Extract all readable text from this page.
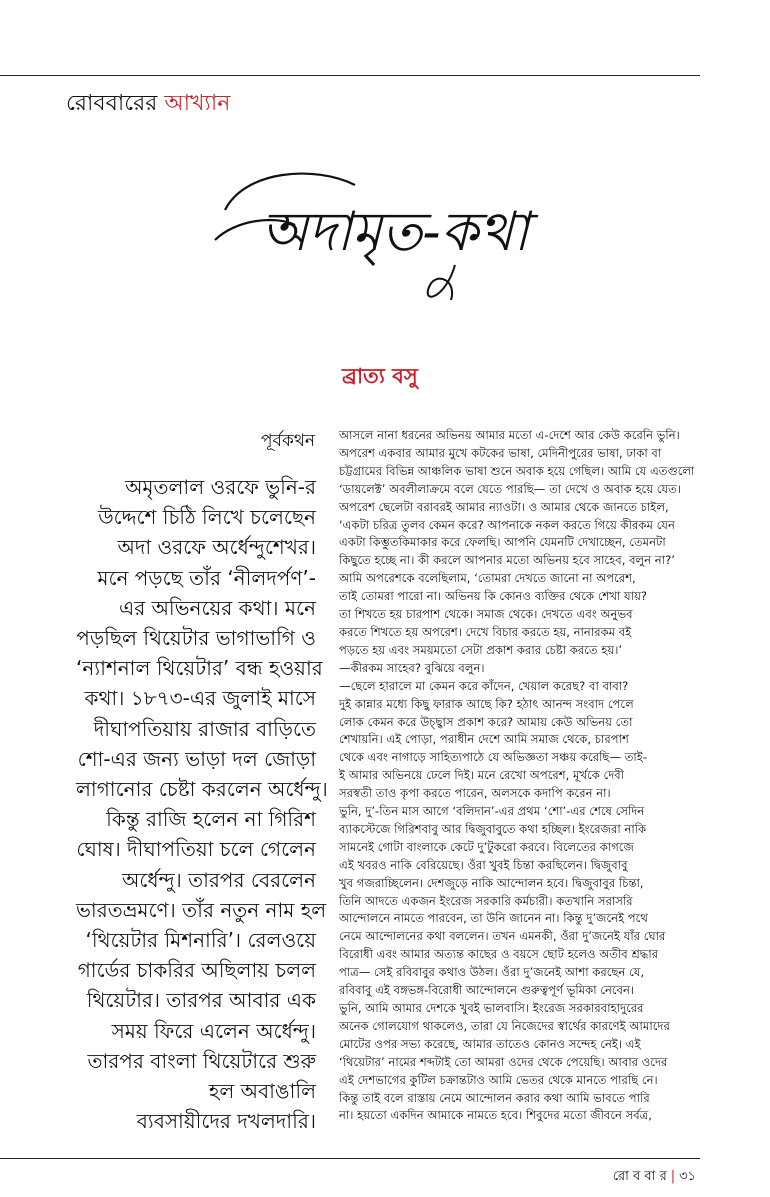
রোববারের আখ্যান
অদামৃত-কথা
ব্রাত্য বসু
পূর্বকথন
অমৃতলাল ওরফে ভুনি-র
উদ্দেশে চিঠি লিখে চলেছেন
অদা ওরফে অর্ধেন্দুশেখর।
মনে পড়ছে তাঁর ‘নীলদর্পণ’-
এর অভিনয়ের কথা। মনে
পড়ছিল থিয়েটার ভাগাভাগি ও
‘ন্যাশনাল থিয়েটার’ বন্ধ হওয়ার
কথা। ১৮৭৩-এর জুলাই মাসে
দীঘাপতিয়ায় রাজার বাড়িতে
শো-এর জন্য ভাড়া দল জোড়া
লাগানোর চেষ্টা করলেন অর্ধেন্দু।
কিন্তু রাজি হলেন না গিরিশ
ঘোষ। দীঘাপতিয়া চলে গেলেন
অর্ধেন্দু। তারপর বেরলেন
ভারতভ্রমণে। তাঁর নতুন নাম হল
‘থিয়েটার মিশনারি’। রেলওয়ে
গার্ডের চাকরির অছিলায় চলল
থিয়েটার। তারপর আবার এক
সময় ফিরে এলেন অর্ধেন্দু।
তারপর বাংলা থিয়েটারে শুরু
হল অবাঙালি
ব্যবসায়ীদের দখলদারি।
আসলে নানা ধরনের অভিনয় আমার মতো এ-দেশে আর কেউ করেনি ভুনি।
অপরেশ একবার আমার মুখে কটকের ভাষা, মেদিনীপুরের ভাষা, ঢাকা বা
চট্টগ্রামের বিভিন্ন আঞ্চলিক ভাষা শুনে অবাক হয়ে গেছিল। আমি যে এতগুলো
‘ডায়লেক্ট’ অবলীলাক্রমে বলে যেতে পারছি— তা দেখে ও অবাক হয়ে যেত।
অপরেশ ছেলেটা বরাবরই আমার ন্যাওটা। ও আমার থেকে জানতে চাইল,
‘একটা চরিত্র তুলব কেমন করে? আপনাকে নকল করতে গিয়ে কীরকম যেন
একটা কিম্ভুতকিমাকার করে ফেলছি। আপনি যেমনটি দেখাচ্ছেন, তেমনটা
কিছুতে হচ্ছে না। কী করলে আপনার মতো অভিনয় হবে সাহেব, বলুন না?’
আমি অপরেশকে বলেছিলাম, ‘তোমরা দেখতে জানো না অপরেশ,
তাই তোমরা পারো না। অভিনয় কি কোনও ব্যক্তির থেকে শেখা যায়?
তা শিখতে হয় চারপাশ থেকে। সমাজ থেকে। দেখতে এবং অনুভব
করতে শিখতে হয় অপরেশ। দেখে বিচার করতে হয়, নানারকম বই
পড়তে হয় এবং সময়মতো সেটা প্রকাশ করার চেষ্টা করতে হয়।’
—কীরকম সাহেব? বুঝিয়ে বলুন।
—ছেলে হারালে মা কেমন করে কাঁদেন, খেয়াল করেছ? বা বাবা?
দুই কান্নার মধ্যে কিছু ফারাক আছে কি? হঠাৎ আনন্দ সংবাদ পেলে
লোক কেমন করে উচ্ছ্বাস প্রকাশ করে? আমায় কেউ অভিনয় তো
শেখায়নি। এই পোড়া, পরাধীন দেশে আমি সমাজ থেকে, চারপাশ
থেকে এবং নাগাড়ে সাহিত্যপাঠে যে অভিজ্ঞতা সঞ্চয় করেছি— তাই-
ই আমার অভিনয়ে ঢেলে দিই। মনে রেখো অপরেশ, মূর্খকে দেবী
সরস্বতী তাও কৃপা করতে পারেন, অলসকে কদাপি করেন না।
ভুনি, দু’-তিন মাস আগে ‘বলিদান’-এর প্রথম ‘শো’-এর শেষে সেদিন
ব্যাকস্টেজে গিরিশবাবু আর দ্বিজুবাবুতে কথা হচ্ছিল। ইংরেজরা নাকি
সামনেই গোটা বাংলাকে কেটে দু’টুকরো করবে। বিলেতের কাগজে
এই খবরও নাকি বেরিয়েছে। ওঁরা খুবই চিন্তা করছিলেন। দ্বিজুবাবু
খুব গজরাচ্ছিলেন। দেশজুড়ে নাকি আন্দোলন হবে। দ্বিজুবাবুর চিন্তা,
তিনি আদতে একজন ইংরেজ সরকারি কর্মচারী। কতখানি সরাসরি
আন্দোলনে নামতে পারবেন, তা উনি জানেন না। কিন্তু দু’জনেই পথে
নেমে আন্দোলনের কথা বললেন। তখন এমনকী, ওঁরা দু’জনেই যাঁর ঘোর
বিরোধী এবং আমার অত্যন্ত কাছের ও বয়সে ছোট হলেও অতীব শ্রদ্ধার
পাত্র— সেই রবিবাবুর কথাও উঠল। ওঁরা দু’জনেই আশা করছেন যে,
রবিবাবু এই বঙ্গভঙ্গ-বিরোধী আন্দোলনে গুরুত্বপূর্ণ ভূমিকা নেবেন।
ভুনি, আমি আমার দেশকে খুবই ভালবাসি। ইংরেজ সরকারবাহাদুরের
অনেক গোলযোগ থাকলেও, তারা যে নিজেদের স্বার্থের কারণেই আমাদের
মোটের ওপর সভ্য করেছে, আমার তাতেও কোনও সন্দেহ নেই। এই
‘থিয়েটার’ নামের শব্দটাই তো আমরা ওদের থেকে পেয়েছি। আবার ওদের
এই দেশভাগের কুটিল চক্রান্তটাও আমি ভেতর থেকে মানতে পারছি নে।
কিন্তু তাই বলে রাস্তায় নেমে আন্দোলন করার কথা আমি ভাবতে পারি
না। হয়তো একদিন আমাকে নামতে হবে। শিবুদের মতো জীবনে সর্বত্র,
রো ব বা র | ৩১
